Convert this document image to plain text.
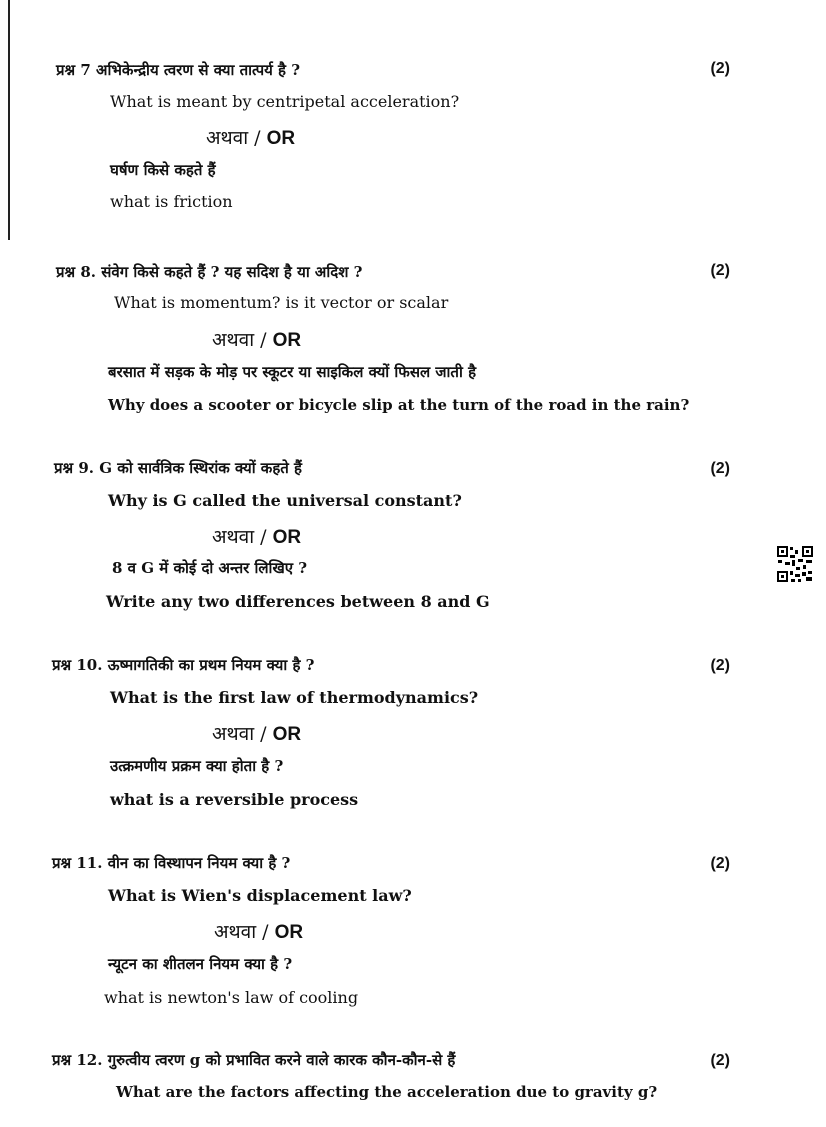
प्रश्न 7 अभिकेन्द्रीय त्वरण से क्या तात्पर्य है ?	(2)
What is meant by centripetal acceleration?
अथवा / OR
घर्षण किसे कहते हैं
what is friction
प्रश्न 8. संवेग किसे कहते हैं ? यह सदिश है या अदिश ?	(2)
What is momentum? is it vector or scalar
अथवा / OR
बरसात में सड़क के मोड़ पर स्कूटर या साइकिल क्यों फिसल जाती है
Why does a scooter or bicycle slip at the turn of the road in the rain?
प्रश्न 9. G को सार्वत्रिक स्थिरांक क्यों कहते हैं	(2)
Why is G called the universal constant?
अथवा / OR
8 व G में कोई दो अन्तर लिखिए ?
Write any two differences between 8 and G
प्रश्न 10. ऊष्मागतिकी का प्रथम नियम क्या है ?	(2)
What is the first law of thermodynamics?
अथवा / OR
उत्क्रमणीय प्रक्रम क्या होता है ?
what is a reversible process
प्रश्न 11. वीन का विस्थापन नियम क्या है ?	(2)
What is Wien's displacement law?
अथवा / OR
न्यूटन का शीतलन नियम क्या है ?
what is newton's law of cooling
प्रश्न 12. गुरुत्वीय त्वरण g को प्रभावित करने वाले कारक कौन-कौन-से हैं	(2)
What are the factors affecting the acceleration due to gravity g?
